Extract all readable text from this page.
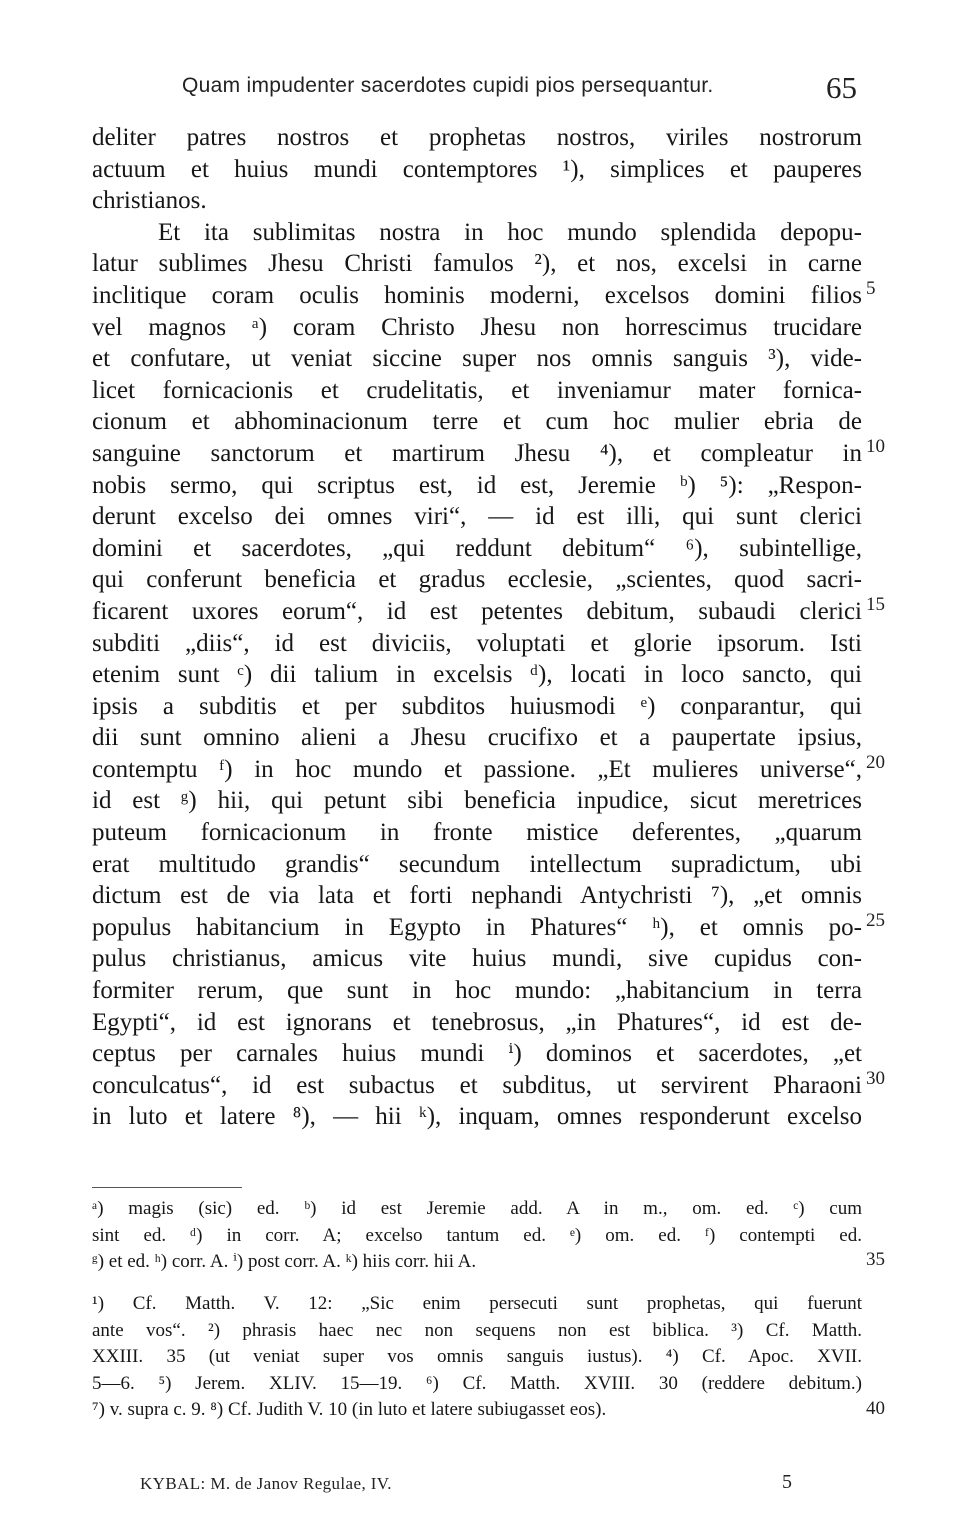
Quam impudenter sacerdotes cupidi pios persequantur.	65
deliter patres nostros et prophetas nostros, viriles nostrorum
actuum et huius mundi contemptores ¹), simplices et pauperes
christianos.
Et ita sublimitas nostra in hoc mundo splendida depopu-
latur sublimes Jhesu Christi famulos ²), et nos, excelsi in carne
inclitique coram oculis hominis moderni, excelsos domini filios
vel magnos ᵃ) coram Christo Jhesu non horrescimus trucidare
et confutare, ut veniat siccine super nos omnis sanguis ³), vide-
licet fornicacionis et crudelitatis, et inveniamur mater fornica-
cionum et abhominacionum terre et cum hoc mulier ebria de
sanguine sanctorum et martirum Jhesu ⁴), et compleatur in
nobis sermo, qui scriptus est, id est, Jeremie ᵇ) ⁵): „Respon-
derunt excelso dei omnes viri“, — id est illi, qui sunt clerici
domini et sacerdotes, „qui reddunt debitum“ ⁶), subintellige,
qui conferunt beneficia et gradus ecclesie, „scientes, quod sacri-
ficarent uxores eorum“, id est petentes debitum, subaudi clerici
subditi „diis“, id est diviciis, voluptati et glorie ipsorum. Isti
etenim sunt ᶜ) dii talium in excelsis ᵈ), locati in loco sancto, qui
ipsis a subditis et per subditos huiusmodi ᵉ) conparantur, qui
dii sunt omnino alieni a Jhesu crucifixo et a paupertate ipsius,
contemptu ᶠ) in hoc mundo et passione. „Et mulieres universe“,
id est ᵍ) hii, qui petunt sibi beneficia inpudice, sicut meretrices
puteum fornicacionum in fronte mistice deferentes, „quarum
erat multitudo grandis“ secundum intellectum supradictum, ubi
dictum est de via lata et forti nephandi Antychristi ⁷), „et omnis
populus habitancium in Egypto in Phatures“ ʰ), et omnis po-
pulus christianus, amicus vite huius mundi, sive cupidus con-
formiter rerum, que sunt in hoc mundo: „habitancium in terra
Egypti“, id est ignorans et tenebrosus, „in Phatures“, id est de-
ceptus per carnales huius mundi ⁱ) dominos et sacerdotes, „et
conculcatus“, id est subactus et subditus, ut servirent Pharaoni
in luto et latere ⁸), — hii ᵏ), inquam, omnes responderunt excelso
5
10
15
20
25
30
ᵃ) magis (sic) ed. ᵇ) id est Jeremie add. A in m., om. ed. ᶜ) cum
sint ed. ᵈ) in corr. A; excelso tantum ed. ᵉ) om. ed. ᶠ) contempti ed.
ᵍ) et ed. ʰ) corr. A. ⁱ) post corr. A. ᵏ) hiis corr. hii A.	35
¹) Cf. Matth. V. 12: „Sic enim persecuti sunt prophetas, qui fuerunt
ante vos“. ²) phrasis haec nec non sequens non est biblica. ³) Cf. Matth.
XXIII. 35 (ut veniat super vos omnis sanguis iustus). ⁴) Cf. Apoc. XVII.
5—6. ⁵) Jerem. XLIV. 15—19. ⁶) Cf. Matth. XVIII. 30 (reddere debitum.)
⁷) v. supra c. 9. ⁸) Cf. Judith V. 10 (in luto et latere subiugasset eos).	40
KYBAL: M. de Janov Regulae, IV.	5
